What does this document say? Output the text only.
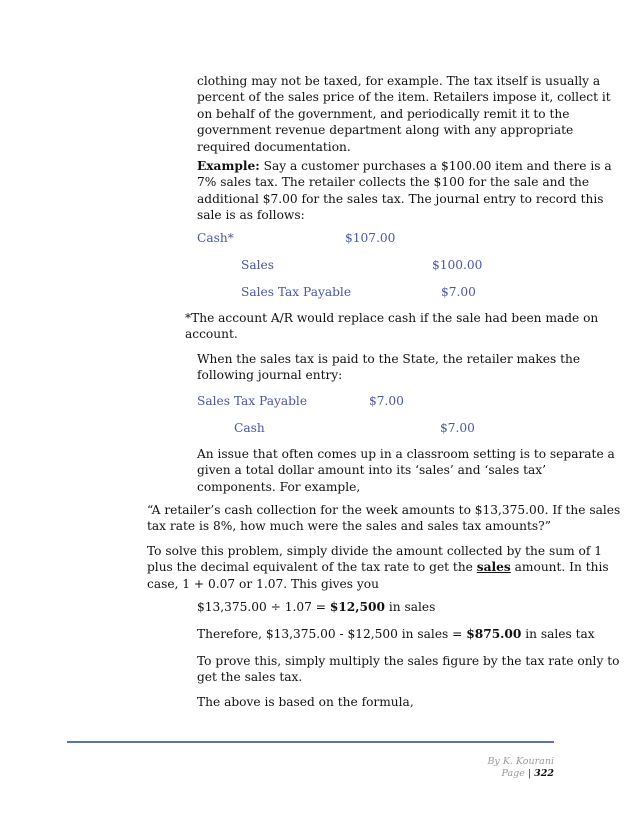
clothing may not be taxed, for example. The tax itself is usually a
percent of the sales price of the item. Retailers impose it, collect it
on behalf of the government, and periodically remit it to the
government revenue department along with any appropriate
required documentation.
Example: Say a customer purchases a $100.00 item and there is a
7% sales tax. The retailer collects the $100 for the sale and the
additional $7.00 for the sales tax. The journal entry to record this
sale is as follows:
Cash*	$107.00
Sales	$100.00
Sales Tax Payable	$7.00
*The account A/R would replace cash if the sale had been made on
account.
When the sales tax is paid to the State, the retailer makes the
following journal entry:
Sales Tax Payable	$7.00
Cash	$7.00
An issue that often comes up in a classroom setting is to separate a
given a total dollar amount into its ‘sales’ and ‘sales tax’
components. For example,
“A retailer’s cash collection for the week amounts to $13,375.00. If the sales
tax rate is 8%, how much were the sales and sales tax amounts?”
To solve this problem, simply divide the amount collected by the sum of 1
plus the decimal equivalent of the tax rate to get the sales amount. In this
case, 1 + 0.07 or 1.07. This gives you
$13,375.00 ÷ 1.07 = $12,500 in sales
Therefore, $13,375.00 - $12,500 in sales = $875.00 in sales tax
To prove this, simply multiply the sales figure by the tax rate only to
get the sales tax.
The above is based on the formula,
By K. Kourani
Page | 322
